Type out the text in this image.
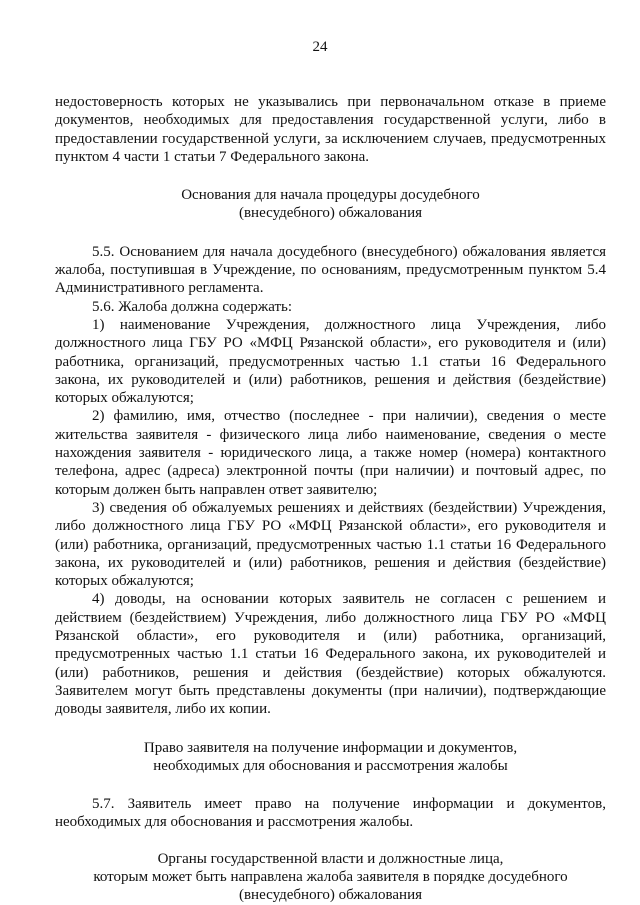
24

недостоверность которых не указывались при первоначальном отказе в приеме документов, необходимых для предоставления государственной услуги, либо в предоставлении государственной услуги, за исключением случаев, предусмотренных пунктом 4 части 1 статьи 7 Федерального закона.

Основания для начала процедуры досудебного
(внесудебного) обжалования

5.5. Основанием для начала досудебного (внесудебного) обжалования является жалоба, поступившая в Учреждение, по основаниям, предусмотренным пунктом 5.4 Административного регламента.

5.6. Жалоба должна содержать:

1) наименование Учреждения, должностного лица Учреждения, либо должностного лица ГБУ РО «МФЦ Рязанской области», его руководителя и (или) работника, организаций, предусмотренных частью 1.1 статьи 16 Федерального закона, их руководителей и (или) работников, решения и действия (бездействие) которых обжалуются;

2) фамилию, имя, отчество (последнее - при наличии), сведения о месте жительства заявителя - физического лица либо наименование, сведения о месте нахождения заявителя - юридического лица, а также номер (номера) контактного телефона, адрес (адреса) электронной почты (при наличии) и почтовый адрес, по которым должен быть направлен ответ заявителю;

3) сведения об обжалуемых решениях и действиях (бездействии) Учреждения, либо должностного лица ГБУ РО «МФЦ Рязанской области», его руководителя и (или) работника, организаций, предусмотренных частью 1.1 статьи 16 Федерального закона, их руководителей и (или) работников, решения и действия (бездействие) которых обжалуются;

4) доводы, на основании которых заявитель не согласен с решением и действием (бездействием) Учреждения, либо должностного лица ГБУ РО «МФЦ Рязанской области», его руководителя и (или) работника, организаций, предусмотренных частью 1.1 статьи 16 Федерального закона, их руководителей и (или) работников, решения и действия (бездействие) которых обжалуются. Заявителем могут быть представлены документы (при наличии), подтверждающие доводы заявителя, либо их копии.

Право заявителя на получение информации и документов,
необходимых для обоснования и рассмотрения жалобы

5.7. Заявитель имеет право на получение информации и документов, необходимых для обоснования и рассмотрения жалобы.

Органы государственной власти и должностные лица,
которым может быть направлена жалоба заявителя в порядке досудебного
(внесудебного) обжалования
